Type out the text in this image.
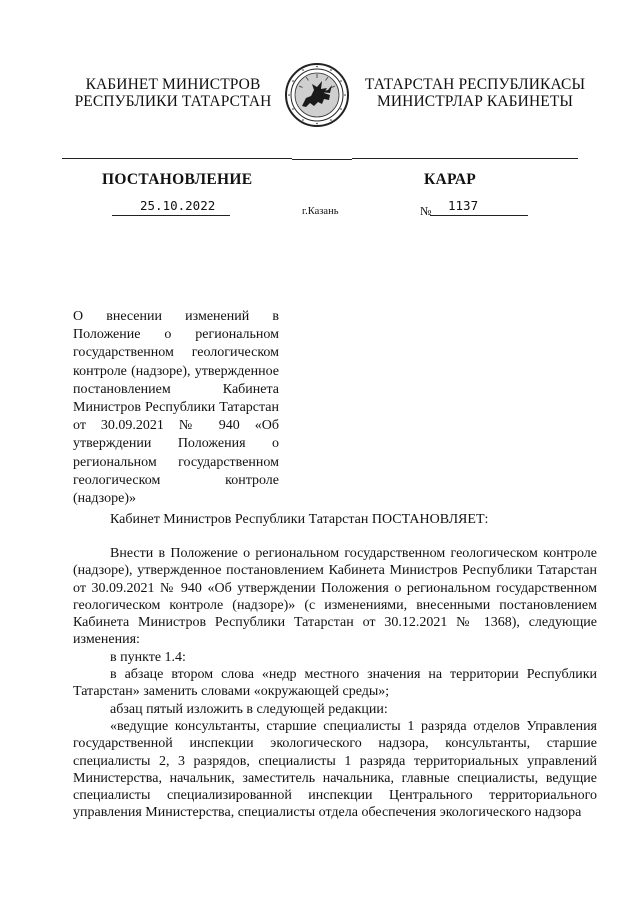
КАБИНЕТ МИНИСТРОВ
РЕСПУБЛИКИ ТАТАРСТАН
ТАТАРСТАН РЕСПУБЛИКАСЫ
МИНИСТРЛАР КАБИНЕТЫ
ПОСТАНОВЛЕНИЕ	КАРАР
25.10.2022	г.Казань	№ 1137
О внесении изменений в Положение о региональном государственном геологическом контроле (надзоре), утвержденное постановлением Кабинета Министров Республики Татарстан от 30.09.2021 № 940 «Об утверждении Положения о региональном государственном геологическом контроле (надзоре)»
Кабинет Министров Республики Татарстан ПОСТАНОВЛЯЕТ:
Внести в Положение о региональном государственном геологическом контроле (надзоре), утвержденное постановлением Кабинета Министров Республики Татарстан от 30.09.2021 № 940 «Об утверждении Положения о региональном государственном геологическом контроле (надзоре)» (с изменениями, внесенными постановлением Кабинета Министров Республики Татарстан от 30.12.2021 № 1368), следующие изменения:
в пункте 1.4:
в абзаце втором слова «недр местного значения на территории Республики Татарстан» заменить словами «окружающей среды»;
абзац пятый изложить в следующей редакции:
«ведущие консультанты, старшие специалисты 1 разряда отделов Управления государственной инспекции экологического надзора, консультанты, старшие специалисты 2, 3 разрядов, специалисты 1 разряда территориальных управлений Министерства, начальник, заместитель начальника, главные специалисты, ведущие специалисты специализированной инспекции Центрального территориального управления Министерства, специалисты отдела обеспечения экологического надзора
